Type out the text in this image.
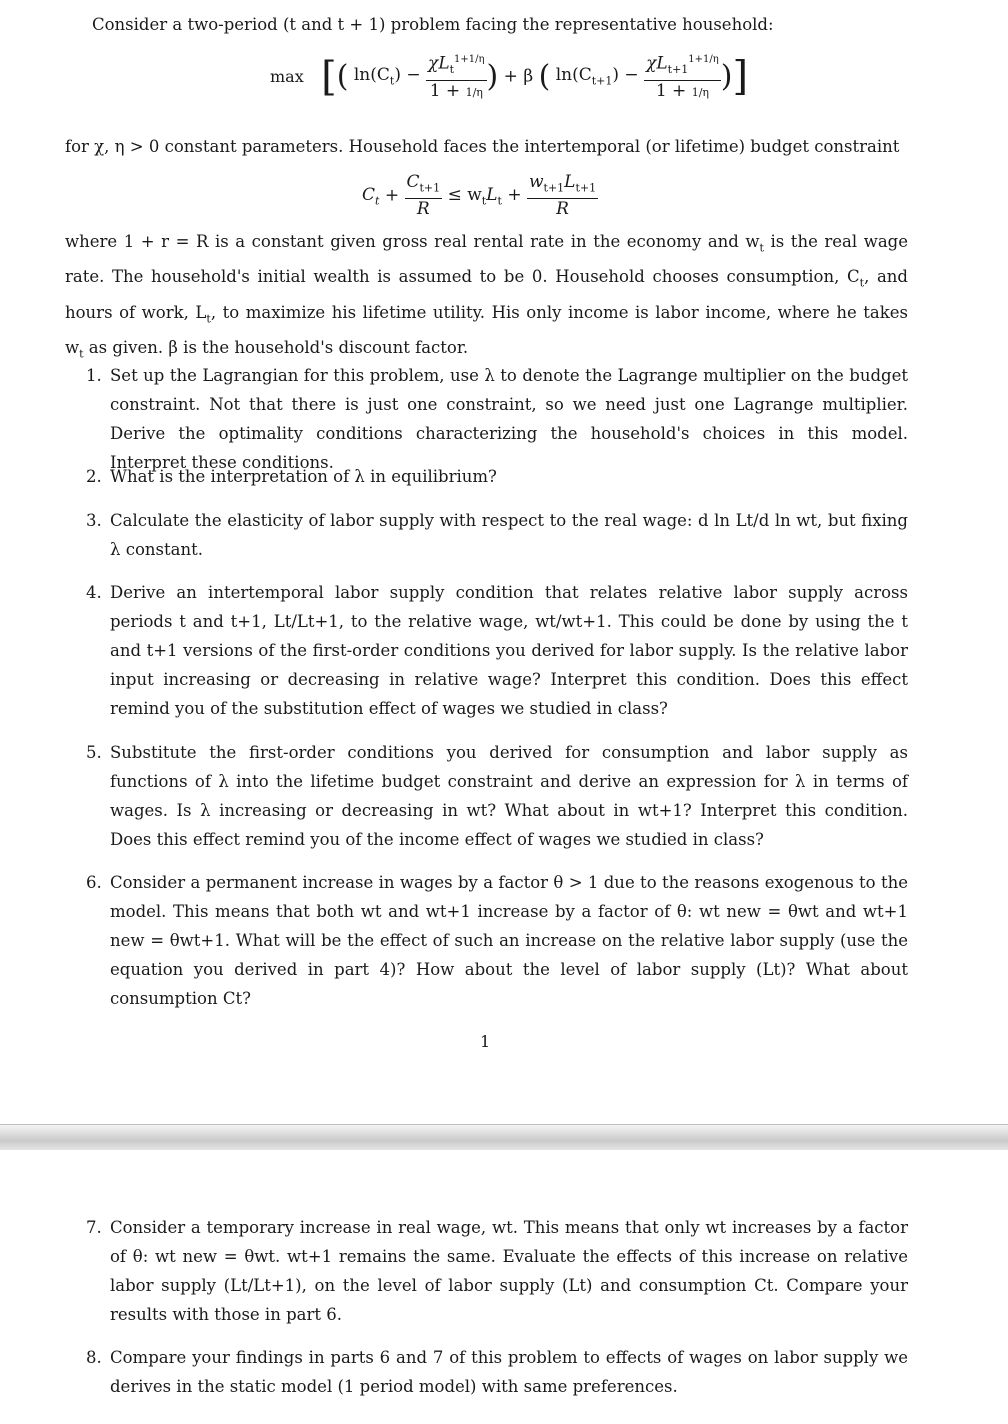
Consider a two-period (t and t + 1) problem facing the representative household:
max [( $\ln(C_t) - \frac{\chi L_t^{1+1/\eta}}{1 + 1/\eta}$ ) + β ( $\ln(C_{t+1}) - \frac{\chi L_{t+1}^{1+1/\eta}}{1 + 1/\eta}$ )]
for χ, η > 0 constant parameters. Household faces the intertemporal (or lifetime) budget constraint
$C_t + \frac{C_{t+1}}{R} \le w_tL_t + \frac{w_{t+1}L_{t+1}}{R}$
where 1 + r = R is a constant given gross real rental rate in the economy and $w_t$ is the real wage rate. The household's initial wealth is assumed to be 0. Household chooses consumption, $C_t$, and hours of work, $L_t$, to maximize his lifetime utility. His only income is labor income, where he takes $w_t$ as given. β is the household's discount factor.
1. Set up the Lagrangian for this problem, use λ to denote the Lagrange multiplier on the budget constraint. Not that there is just one constraint, so we need just one Lagrange multiplier. Derive the optimality conditions characterizing the household's choices in this model. Interpret these conditions.
2. What is the interpretation of λ in equilibrium?
3. Calculate the elasticity of labor supply with respect to the real wage: d ln Lt/d ln wt, but fixing λ constant.
4. Derive an intertemporal labor supply condition that relates relative labor supply across periods t and t+1, Lt/Lt+1, to the relative wage, wt/wt+1. This could be done by using the t and t+1 versions of the first-order conditions you derived for labor supply. Is the relative labor input increasing or decreasing in relative wage? Interpret this condition. Does this effect remind you of the substitution effect of wages we studied in class?
5. Substitute the first-order conditions you derived for consumption and labor supply as functions of λ into the lifetime budget constraint and derive an expression for λ in terms of wages. Is λ increasing or decreasing in wt? What about in wt+1? Interpret this condition. Does this effect remind you of the income effect of wages we studied in class?
6. Consider a permanent increase in wages by a factor θ > 1 due to the reasons exogenous to the model. This means that both wt and wt+1 increase by a factor of θ: wt new = θwt and wt+1 new = θwt+1. What will be the effect of such an increase on the relative labor supply (use the equation you derived in part 4)? How about the level of labor supply (Lt)? What about consumption Ct?
1
7. Consider a temporary increase in real wage, wt. This means that only wt increases by a factor of θ: wt new = θwt. wt+1 remains the same. Evaluate the effects of this increase on relative labor supply (Lt/Lt+1), on the level of labor supply (Lt) and consumption Ct. Compare your results with those in part 6.
8. Compare your findings in parts 6 and 7 of this problem to effects of wages on labor supply we derives in the static model (1 period model) with same preferences.
